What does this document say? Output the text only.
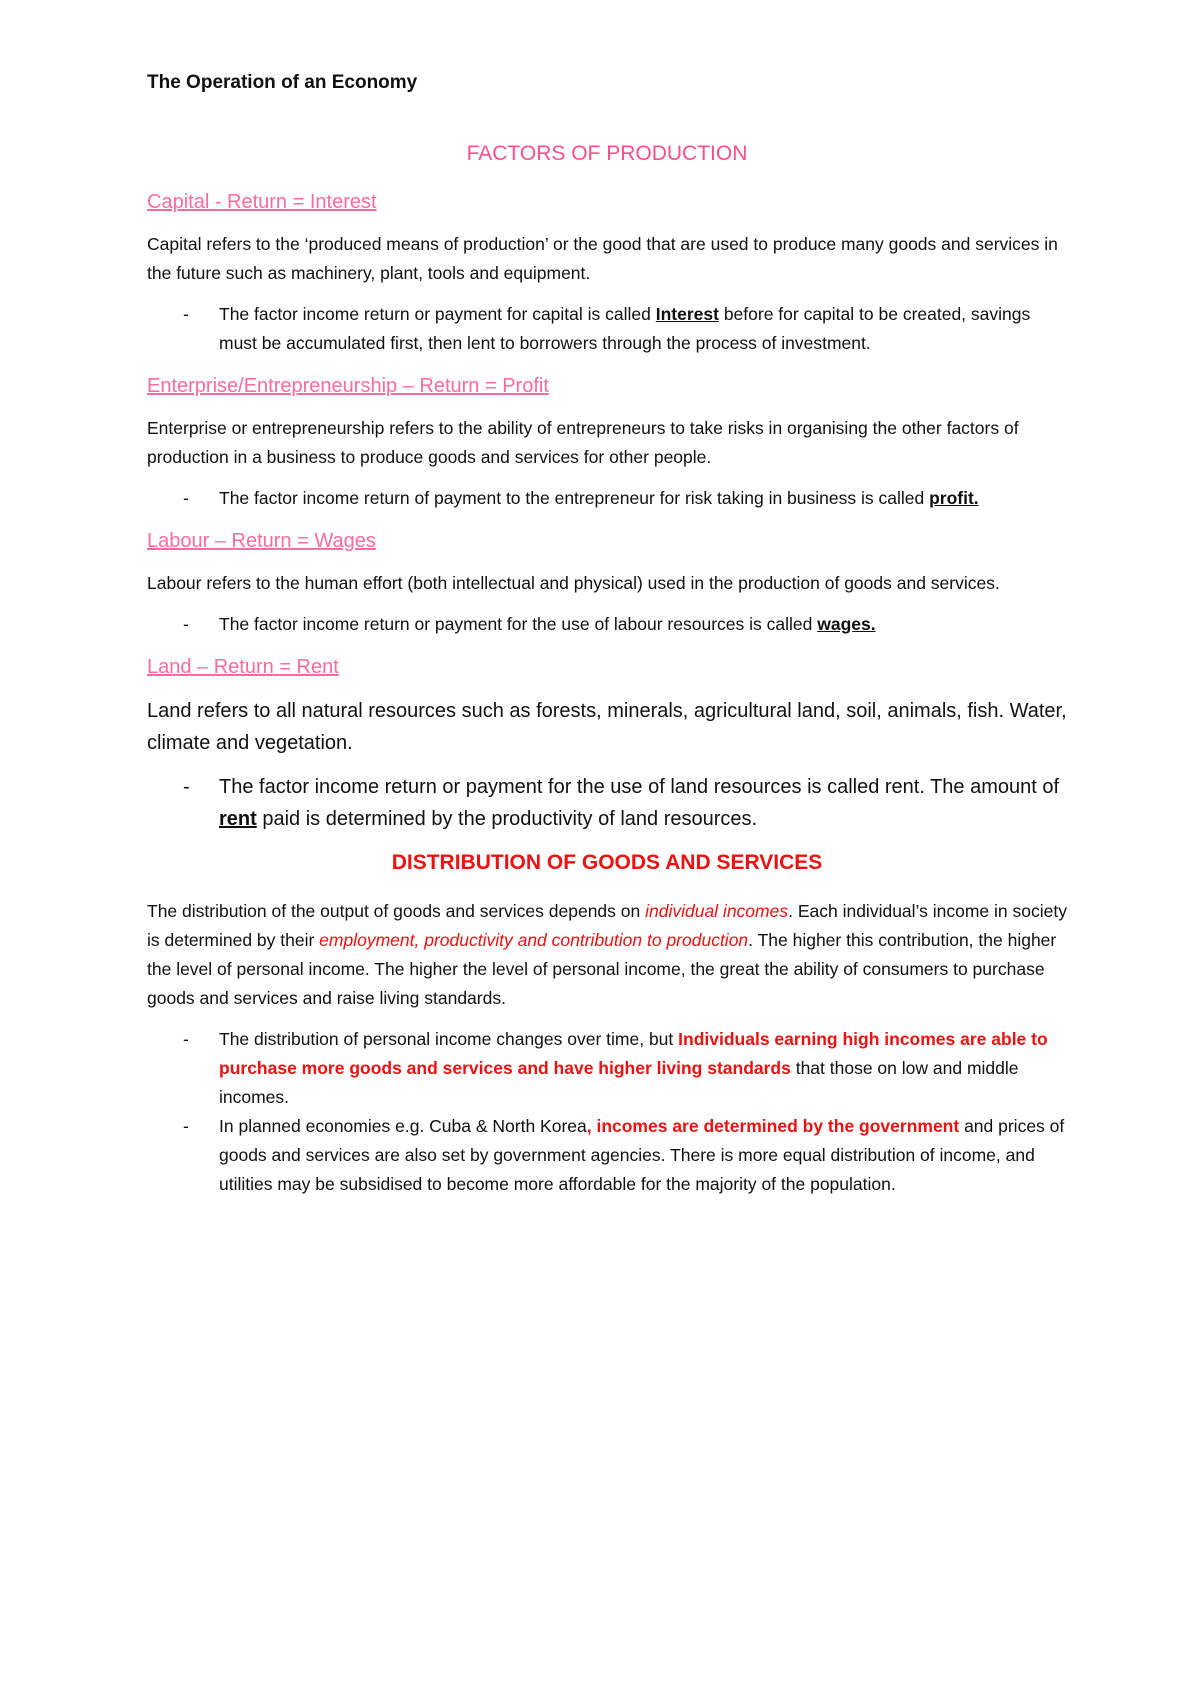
The Operation of an Economy
FACTORS OF PRODUCTION
Capital - Return = Interest

Capital refers to the ‘produced means of production’ or the good that are used to produce many goods and services in the future such as machinery, plant, tools and equipment.

- The factor income return or payment for capital is called Interest before for capital to be created, savings must be accumulated first, then lent to borrowers through the process of investment.
Enterprise/Entrepreneurship – Return = Profit

Enterprise or entrepreneurship refers to the ability of entrepreneurs to take risks in organising the other factors of production in a business to produce goods and services for other people.

- The factor income return of payment to the entrepreneur for risk taking in business is called profit.
Labour – Return = Wages

Labour refers to the human effort (both intellectual and physical) used in the production of goods and services.

- The factor income return or payment for the use of labour resources is called wages.
Land – Return = Rent

Land refers to all natural resources such as forests, minerals, agricultural land, soil, animals, fish. Water, climate and vegetation.

- The factor income return or payment for the use of land resources is called rent. The amount of rent paid is determined by the productivity of land resources.
DISTRIBUTION OF GOODS AND SERVICES

The distribution of the output of goods and services depends on individual incomes. Each individual’s income in society is determined by their employment, productivity and contribution to production. The higher this contribution, the higher the level of personal income. The higher the level of personal income, the great the ability of consumers to purchase goods and services and raise living standards.

- The distribution of personal income changes over time, but Individuals earning high incomes are able to purchase more goods and services and have higher living standards that those on low and middle incomes.
- In planned economies e.g. Cuba & North Korea, incomes are determined by the government and prices of goods and services are also set by government agencies. There is more equal distribution of income, and utilities may be subsidised to become more affordable for the majority of the population.
